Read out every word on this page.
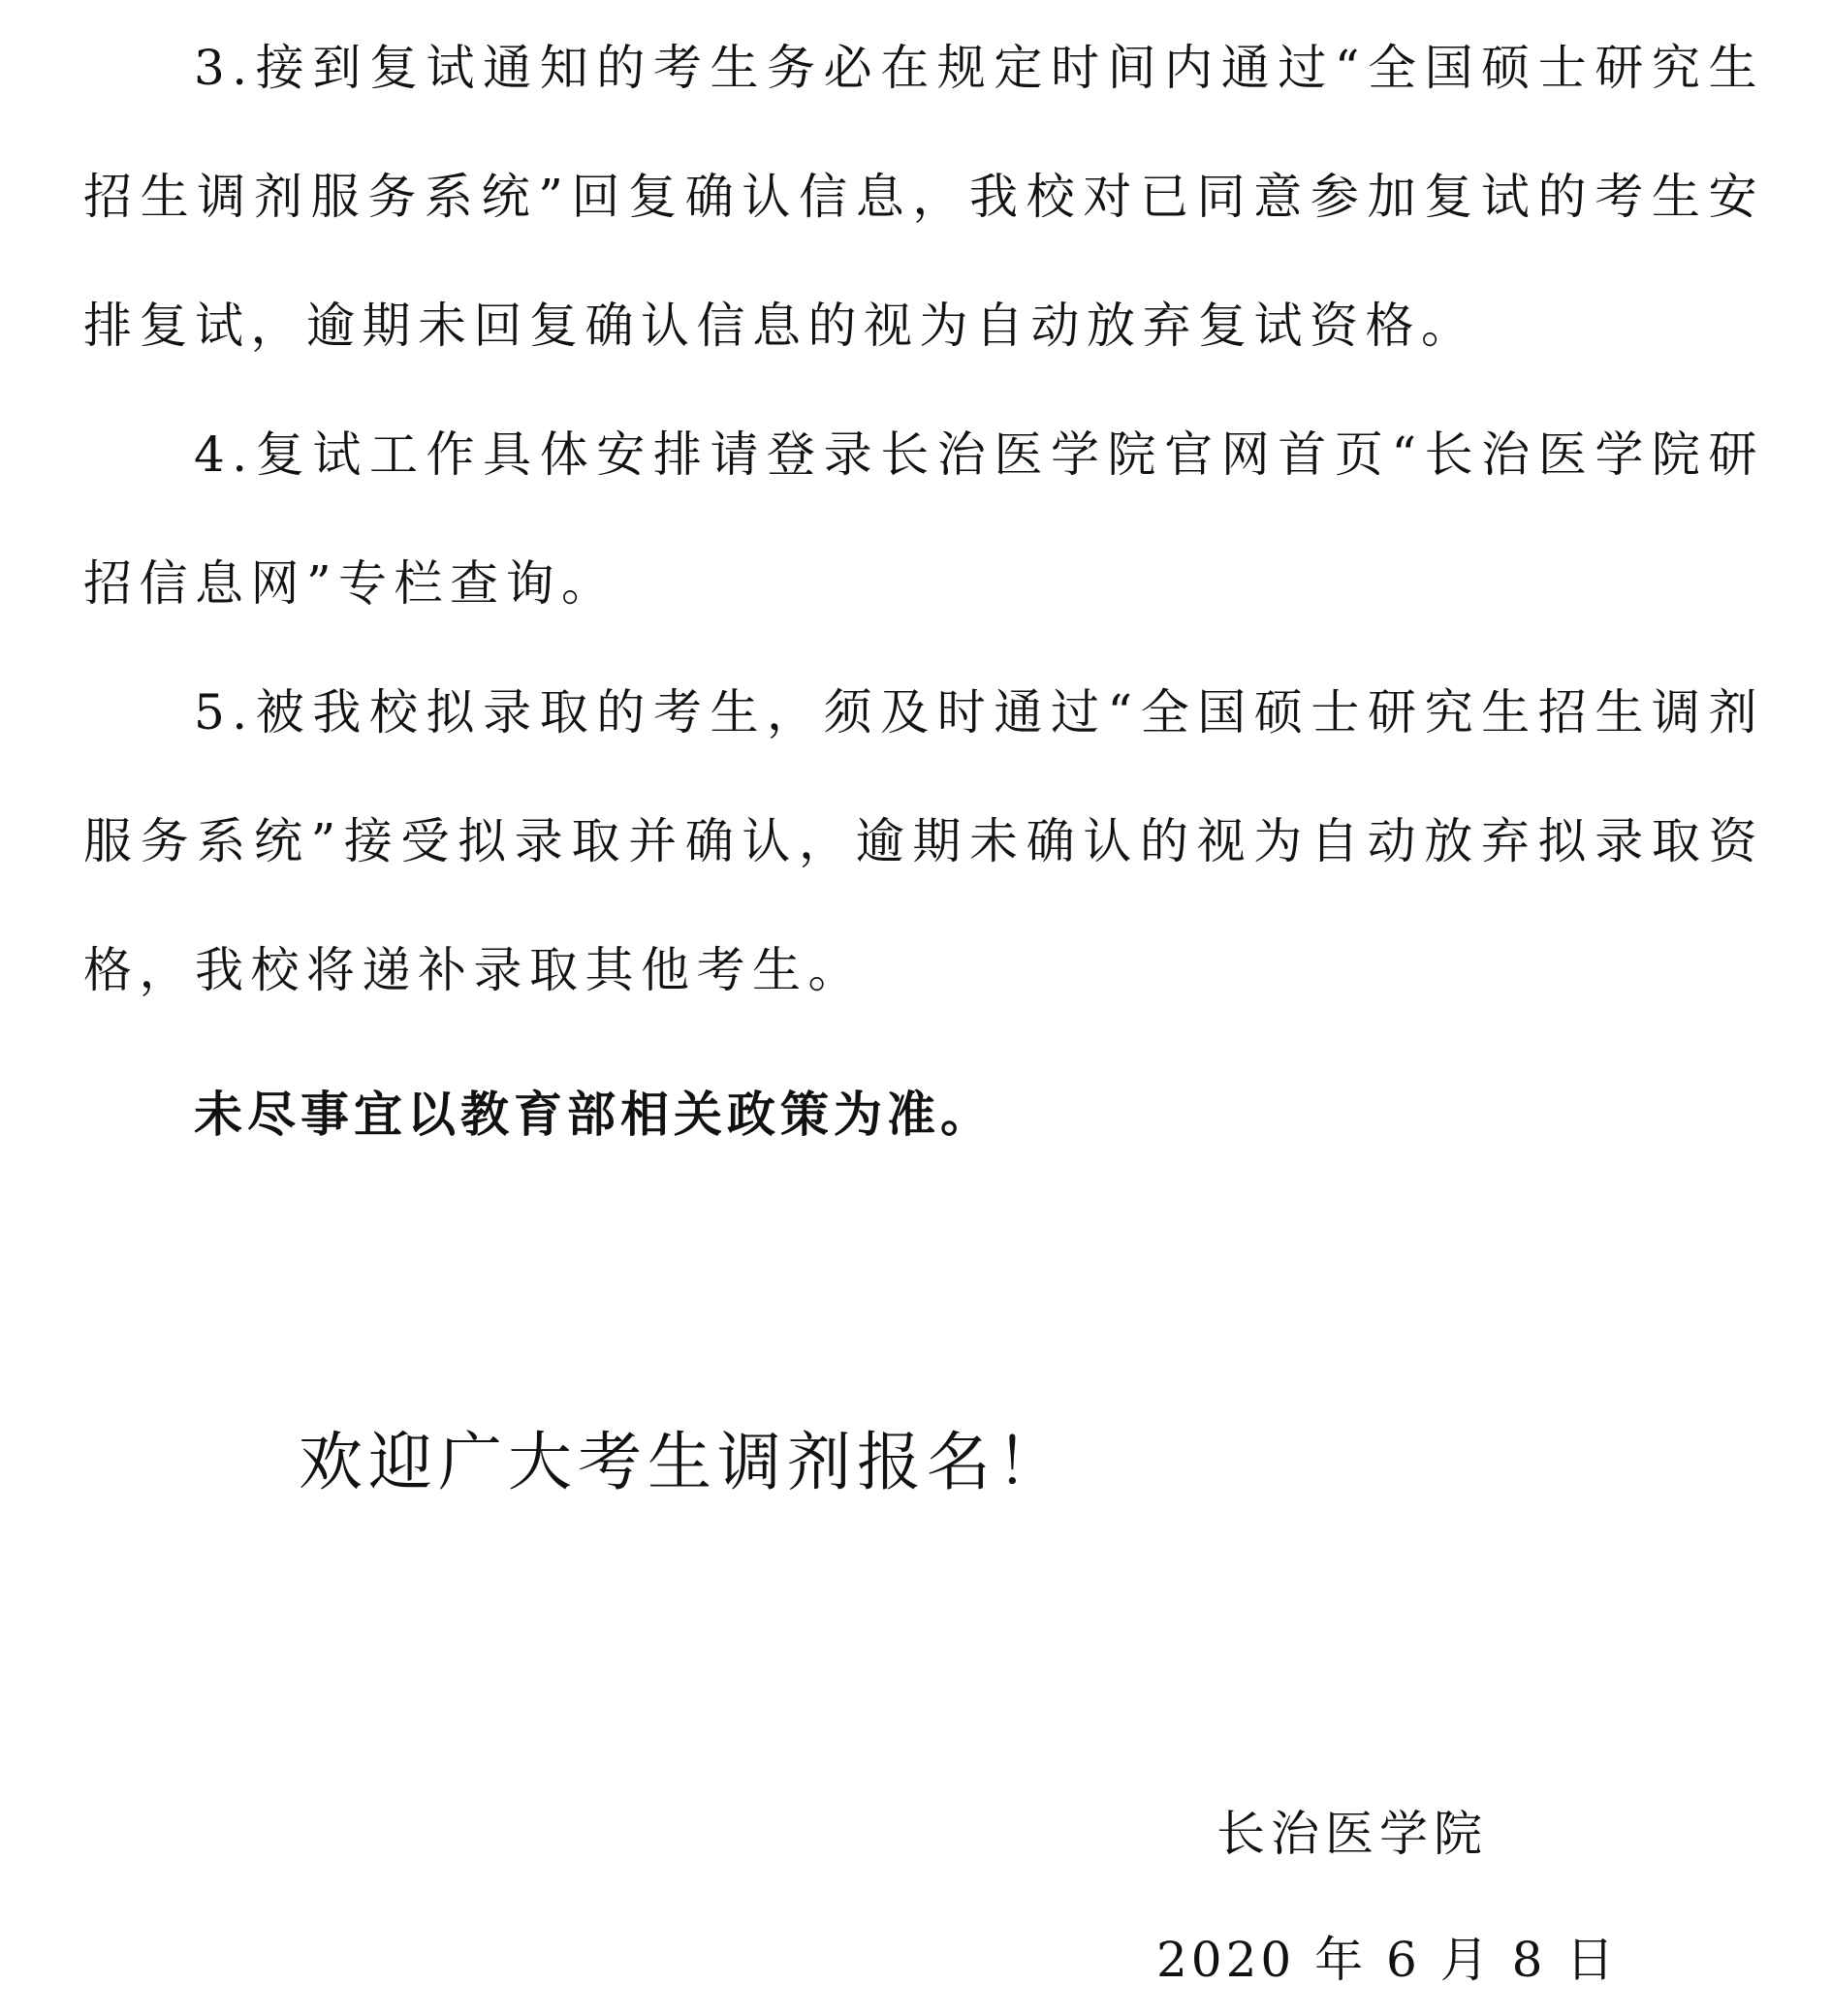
3.接到复试通知的考生务必在规定时间内通过“全国硕士研究生招生调剂服务系统”回复确认信息，我校对已同意参加复试的考生安排复试，逾期未回复确认信息的视为自动放弃复试资格。

4.复试工作具体安排请登录长治医学院官网首页“长治医学院研招信息网”专栏查询。

5.被我校拟录取的考生，须及时通过“全国硕士研究生招生调剂服务系统”接受拟录取并确认，逾期未确认的视为自动放弃拟录取资格，我校将递补录取其他考生。

未尽事宜以教育部相关政策为准。

欢迎广大考生调剂报名！

长治医学院

2020 年 6 月 8 日
